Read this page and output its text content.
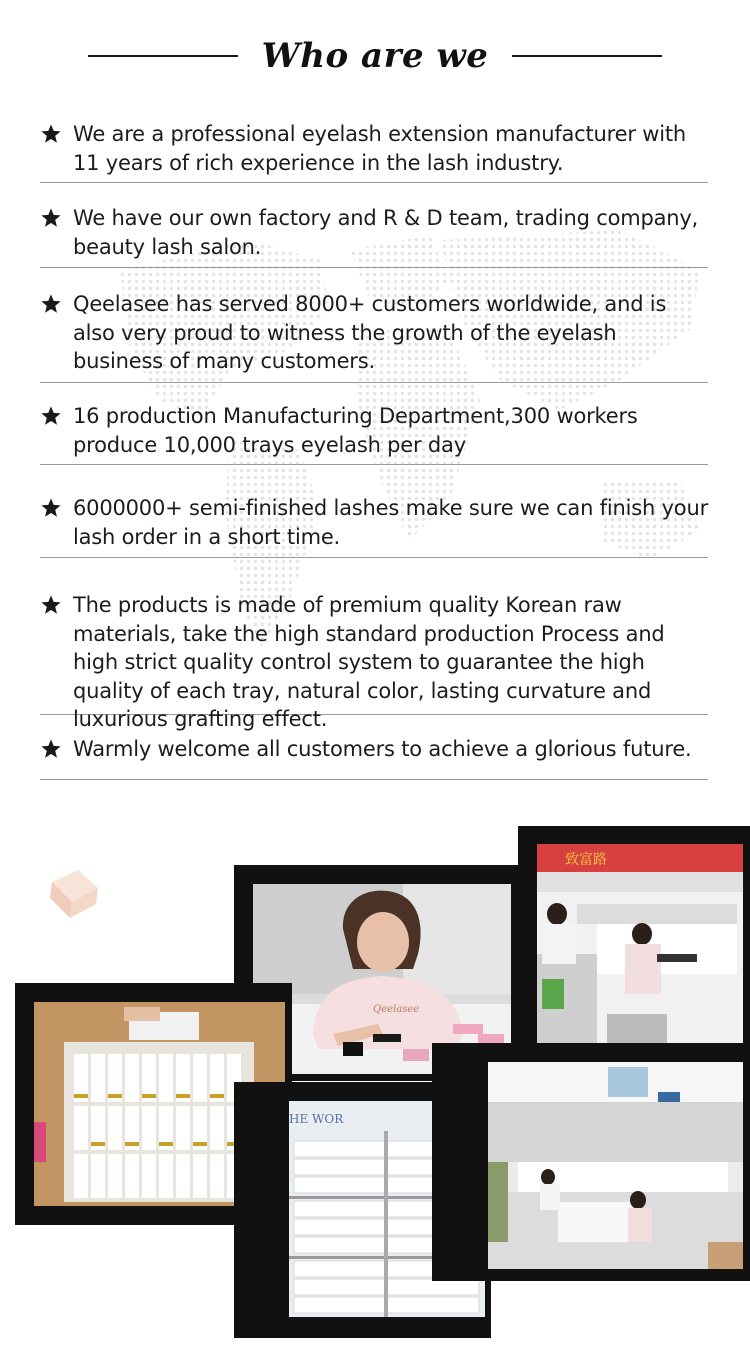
Who are we

We are a professional eyelash extension manufacturer with 11 years of rich experience in the lash industry.

We have our own factory and R & D team, trading company, beauty lash salon.

Qeelasee has served 8000+ customers worldwide, and is also very proud to witness the growth of the eyelash business of many customers.

16 production Manufacturing Department,300 workers produce 10,000 trays eyelash per day

6000000+ semi-finished lashes make sure we can finish your lash order in a short time.

The products is made of premium quality Korean raw materials, take the high standard production Process and high strict quality control system to guarantee the high quality of each tray, natural color, lasting curvature and luxurious grafting effect.

Warmly welcome all customers to achieve a glorious future.

Qeelasee
致富路
HE WOR
